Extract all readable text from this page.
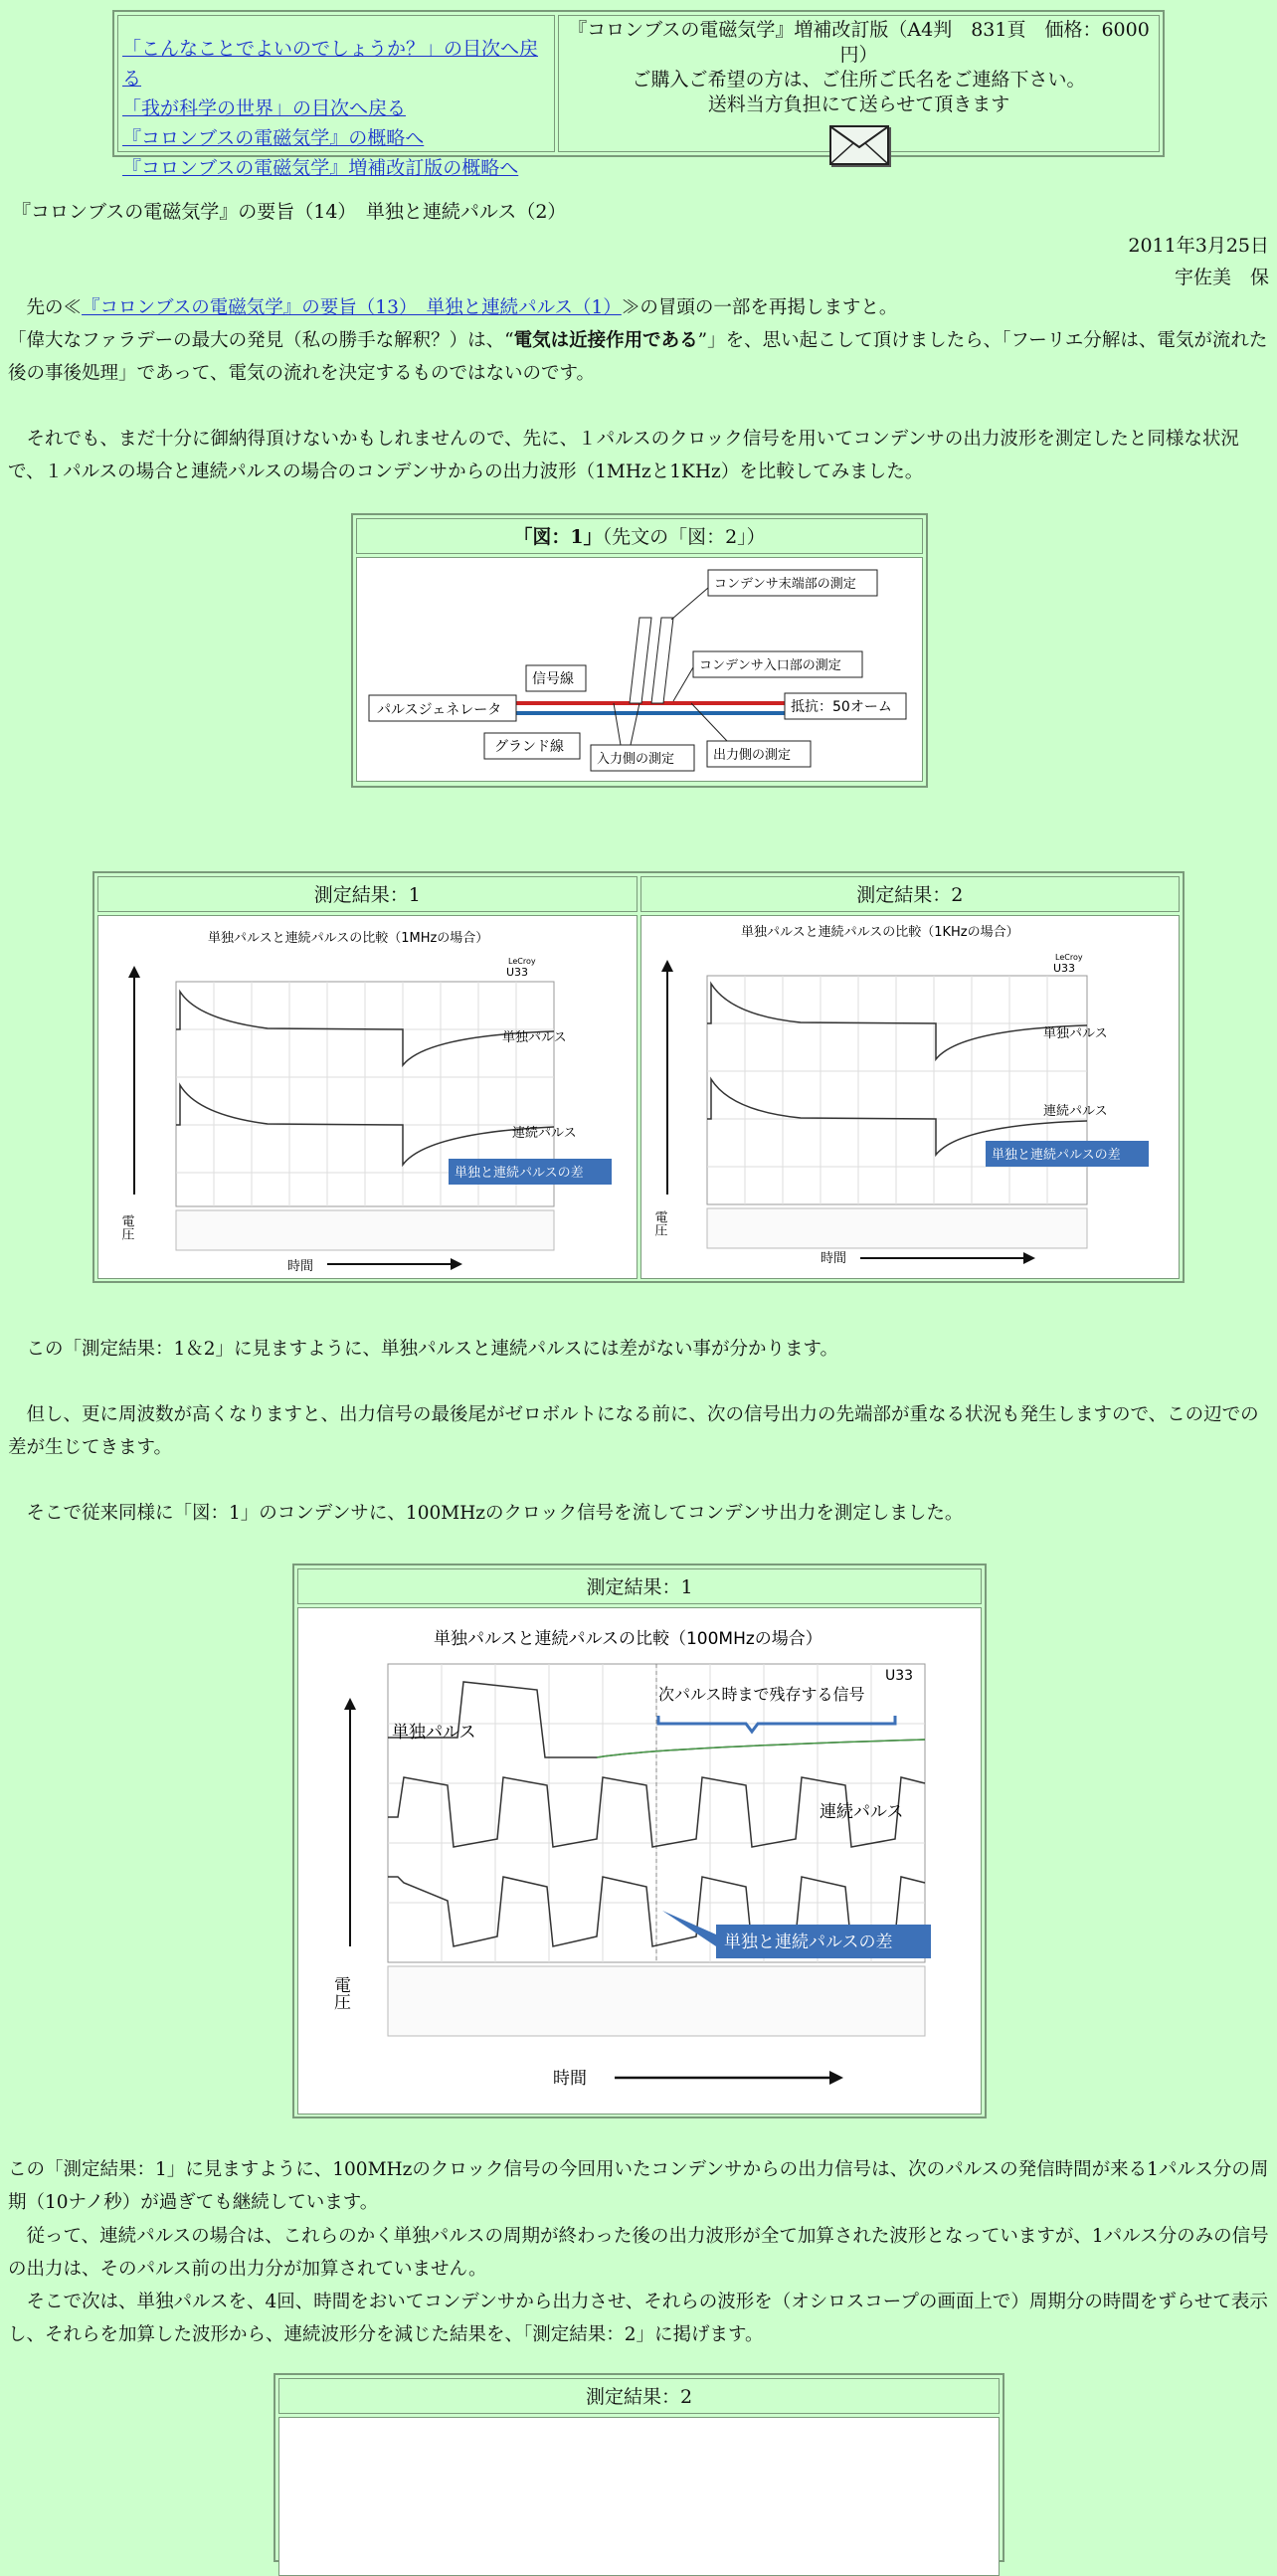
「こんなことでよいのでしょうか？」の目次へ戻る
「我が科学の世界」の目次へ戻る
『コロンブスの電磁気学』の概略へ
『コロンブスの電磁気学』増補改訂版の概略へ
『コロンブスの電磁気学』増補改訂版（A4判　831頁　価格：6000円）
ご購入ご希望の方は、ご住所ご氏名をご連絡下さい。
送料当方負担にて送らせて頂きます
『コロンブスの電磁気学』の要旨（14）　単独と連続パルス（2）
2011年3月25日
宇佐美　保
　先の≪『コロンブスの電磁気学』の要旨（13）　単独と連続パルス（1）≫の冒頭の一部を再掲しますと。
「偉大なファラデーの最大の発見（私の勝手な解釈？）は、“電気は近接作用である”」を、思い起こして頂けましたら、「フーリエ分解は、電気が流れた後の事後処理」であって、電気の流れを決定するものではないのです。
　それでも、まだ十分に御納得頂けないかもしれませんので、先に、１パルスのクロック信号を用いてコンデンサの出力波形を測定したと同様な状況で、１パルスの場合と連続パルスの場合のコンデンサからの出力波形（1MHzと1KHz）を比較してみました。
「図：1」（先文の「図：2」）
パルスジェネレータ	抵抗：50オーム
信号線
グランド線
入力側の測定	出力側の測定
コンデンサ末端部の測定
コンデンサ入口部の測定
測定結果：1
単独パルスと連続パルスの比較（1MHzの場合）
U33
LeCroy
単独パルス
連続パルス
単独と連続パルスの差
電圧
時間
測定結果：2
単独パルスと連続パルスの比較（1KHzの場合）
U33
LeCroy
単独パルス
連続パルス
単独と連続パルスの差
電圧
時間
　この「測定結果：1＆2」に見ますように、単独パルスと連続パルスには差がない事が分かります。
　但し、更に周波数が高くなりますと、出力信号の最後尾がゼロボルトになる前に、次の信号出力の先端部が重なる状況も発生しますので、この辺での差が生じてきます。
　そこで従来同様に「図：1」のコンデンサに、100MHzのクロック信号を流してコンデンサ出力を測定しました。
測定結果：1
単独パルスと連続パルスの比較（100MHzの場合）
U33
次パルス時まで残存する信号
単独パルス
連続パルス
単独と連続パルスの差
電圧
時間
この「測定結果：1」に見ますように、100MHzのクロック信号の今回用いたコンデンサからの出力信号は、次のパルスの発信時間が来る1パルス分の周期（10ナノ秒）が過ぎても継続しています。
　従って、連続パルスの場合は、これらのかく単独パルスの周期が終わった後の出力波形が全て加算された波形となっていますが、1パルス分のみの信号の出力は、そのパルス前の出力分が加算されていません。
　そこで次は、単独パルスを、4回、時間をおいてコンデンサから出力させ、それらの波形を（オシロスコープの画面上で）周期分の時間をずらせて表示し、それらを加算した波形から、連続波形分を減じた結果を、「測定結果：2」に掲げます。
測定結果：2
